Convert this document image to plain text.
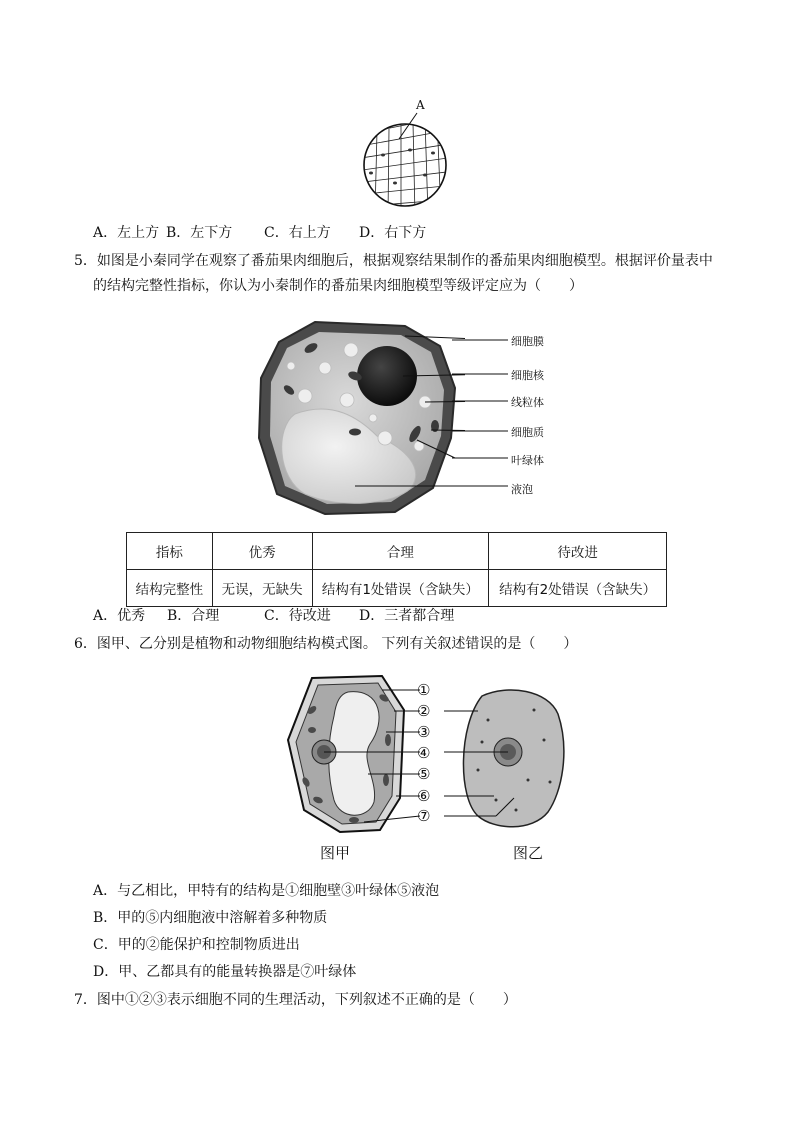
A
A．左上方 B．左下方 C．右上方 D．右下方
5．如图是小秦同学在观察了番茄果肉细胞后，根据观察结果制作的番茄果肉细胞模型。根据评价量表中
的结构完整性指标，你认为小秦制作的番茄果肉细胞模型等级评定应为（　　）
细胞膜
细胞核
线粒体
细胞质
叶绿体
液泡
指标	优秀	合理	待改进
结构完整性	无误，无缺失	结构有1处错误（含缺失）	结构有2处错误（含缺失）
A．优秀 B．合理	C．待改进 D．三者都合理
6．图甲、乙分别是植物和动物细胞结构模式图。 下列有关叙述错误的是（　　）
①
②
③
④
⑤
⑥
⑦
图甲	图乙
A．与乙相比，甲特有的结构是①细胞壁③叶绿体⑤液泡
B．甲的⑤内细胞液中溶解着多种物质
C．甲的②能保护和控制物质进出
D．甲、乙都具有的能量转换器是⑦叶绿体
7．图中①②③表示细胞不同的生理活动，下列叙述不正确的是（　　）
